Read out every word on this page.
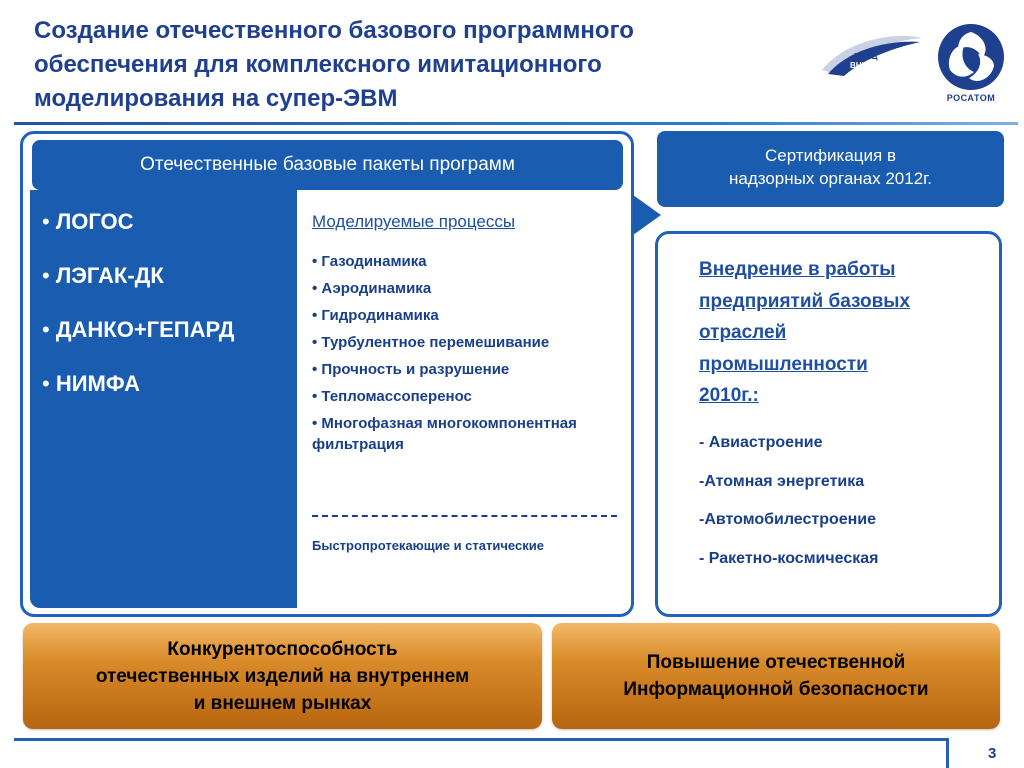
Создание отечественного базового программного
обеспечения для комплексного имитационного
моделирования на супер-ЭВМ
РФЯЦ
ВНИИЭФ
РОСАТОМ
Отечественные базовые пакеты программ
• ЛОГОС
• ЛЭГАК-ДК
• ДАНКО+ГЕПАРД
• НИМФА
Моделируемые процессы
• Газодинамика
• Аэродинамика
• Гидродинамика
• Турбулентное перемешивание
• Прочность и разрушение
• Тепломассоперенос
• Многофазная многокомпонентная фильтрация
Быстропротекающие и статические
Сертификация в
надзорных органах 2012г.
Внедрение в работы
предприятий базовых
отраслей
промышленности
2010г.:
- Авиастроение
-Атомная энергетика
-Автомобилестроение
- Ракетно-космическая
Конкурентоспособность
отечественных изделий на внутреннем
и внешнем рынках
Повышение отечественной
Информационной безопасности
3
